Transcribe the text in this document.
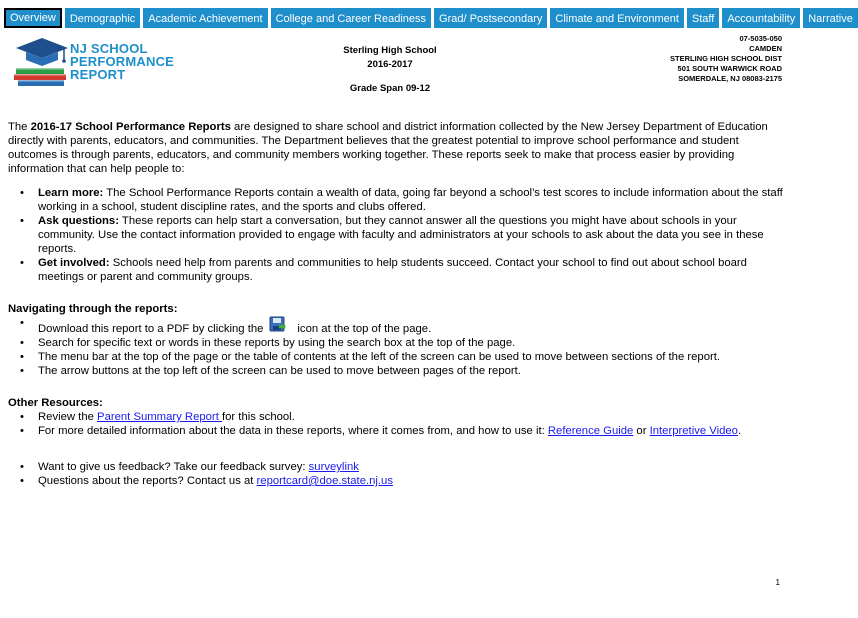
Overview	Demographic	Academic Achievement	College and Career Readiness	Grad/ Postsecondary	Climate and Environment	Staff	Accountability	Narrative
NJ SCHOOL
PERFORMANCE
REPORT
Sterling High School
2016-2017
Grade Span 09-12
07-5035-050
CAMDEN
STERLING HIGH SCHOOL DIST
501 SOUTH WARWICK ROAD
SOMERDALE, NJ 08083-2175

The 2016-17 School Performance Reports are designed to share school and district information collected by the New Jersey Department of Education directly with parents, educators, and communities. The Department believes that the greatest potential to improve school performance and student outcomes is through parents, educators, and community members working together. These reports seek to make that process easier by providing information that can help people to:

• Learn more: The School Performance Reports contain a wealth of data, going far beyond a school’s test scores to include information about the staff working in a school, student discipline rates, and the sports and clubs offered.
• Ask questions: These reports can help start a conversation, but they cannot answer all the questions you might have about schools in your community. Use the contact information provided to engage with faculty and administrators at your schools to ask about the data you see in these reports.
• Get involved: Schools need help from parents and communities to help students succeed. Contact your school to find out about school board meetings or parent and community groups.
Navigating through the reports:
• Download this report to a PDF by clicking the	icon at the top of the page.
• Search for specific text or words in these reports by using the search box at the top of the page.
• The menu bar at the top of the page or the table of contents at the left of the screen can be used to move between sections of the report.
• The arrow buttons at the top left of the screen can be used to move between pages of the report.
Other Resources:
• Review the Parent Summary Report for this school.
• For more detailed information about the data in these reports, where it comes from, and how to use it: Reference Guide or Interpretive Video.
• Want to give us feedback? Take our feedback survey: surveylink
• Questions about the reports? Contact us at reportcard@doe.state.nj.us
1
